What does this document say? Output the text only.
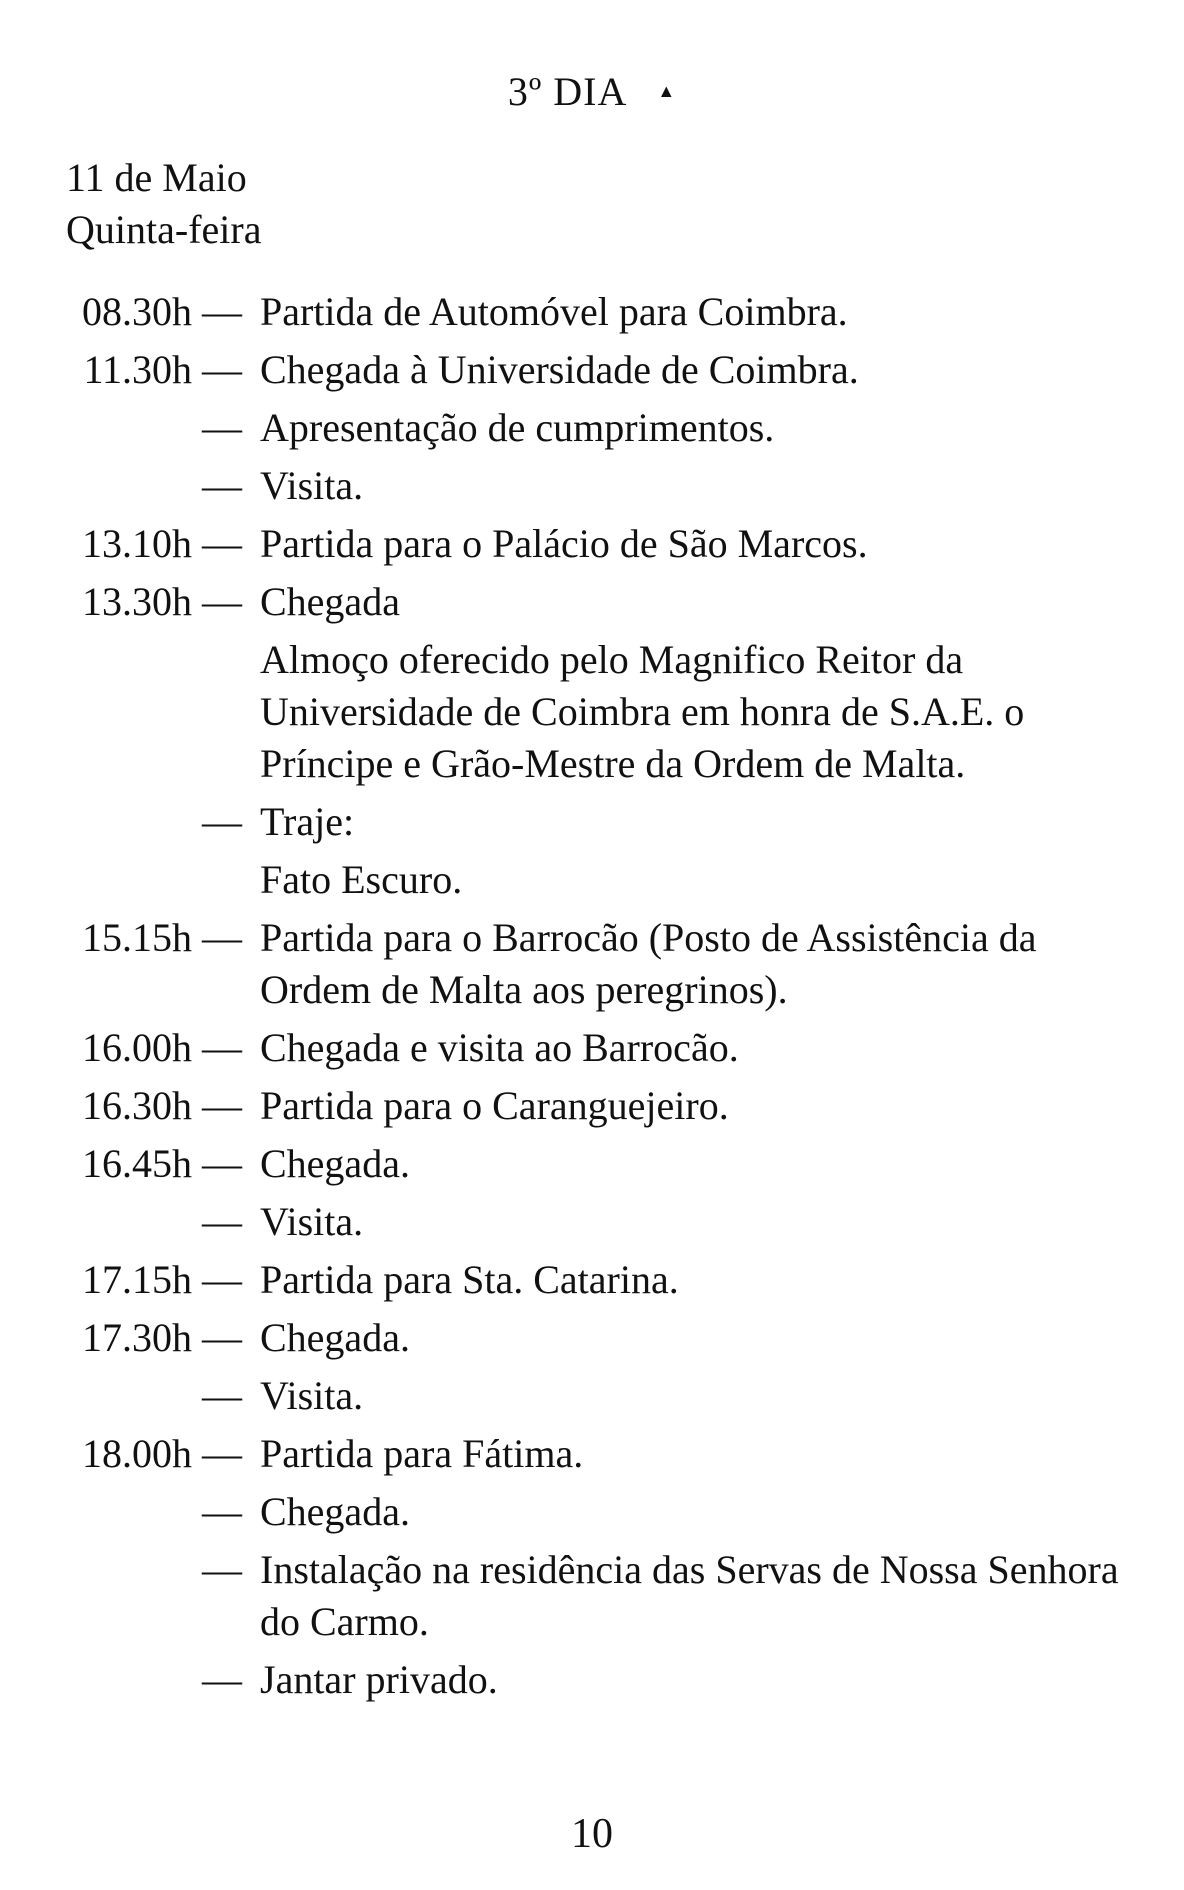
3º DIA ▲
11 de Maio
Quinta-feira
08.30h — Partida de Automóvel para Coimbra.
11.30h — Chegada à Universidade de Coimbra.
— Apresentação de cumprimentos.
— Visita.
13.10h — Partida para o Palácio de São Marcos.
13.30h — Chegada
Almoço oferecido pelo Magnifico Reitor da Universidade de Coimbra em honra de S.A.E. o Príncipe e Grão-Mestre da Ordem de Malta.
— Traje:
Fato Escuro.
15.15h — Partida para o Barrocão (Posto de Assistência da Ordem de Malta aos peregrinos).
16.00h — Chegada e visita ao Barrocão.
16.30h — Partida para o Caranguejeiro.
16.45h — Chegada.
— Visita.
17.15h — Partida para Sta. Catarina.
17.30h — Chegada.
— Visita.
18.00h — Partida para Fátima.
— Chegada.
— Instalação na residência das Servas de Nossa Senhora do Carmo.
— Jantar privado.
10
